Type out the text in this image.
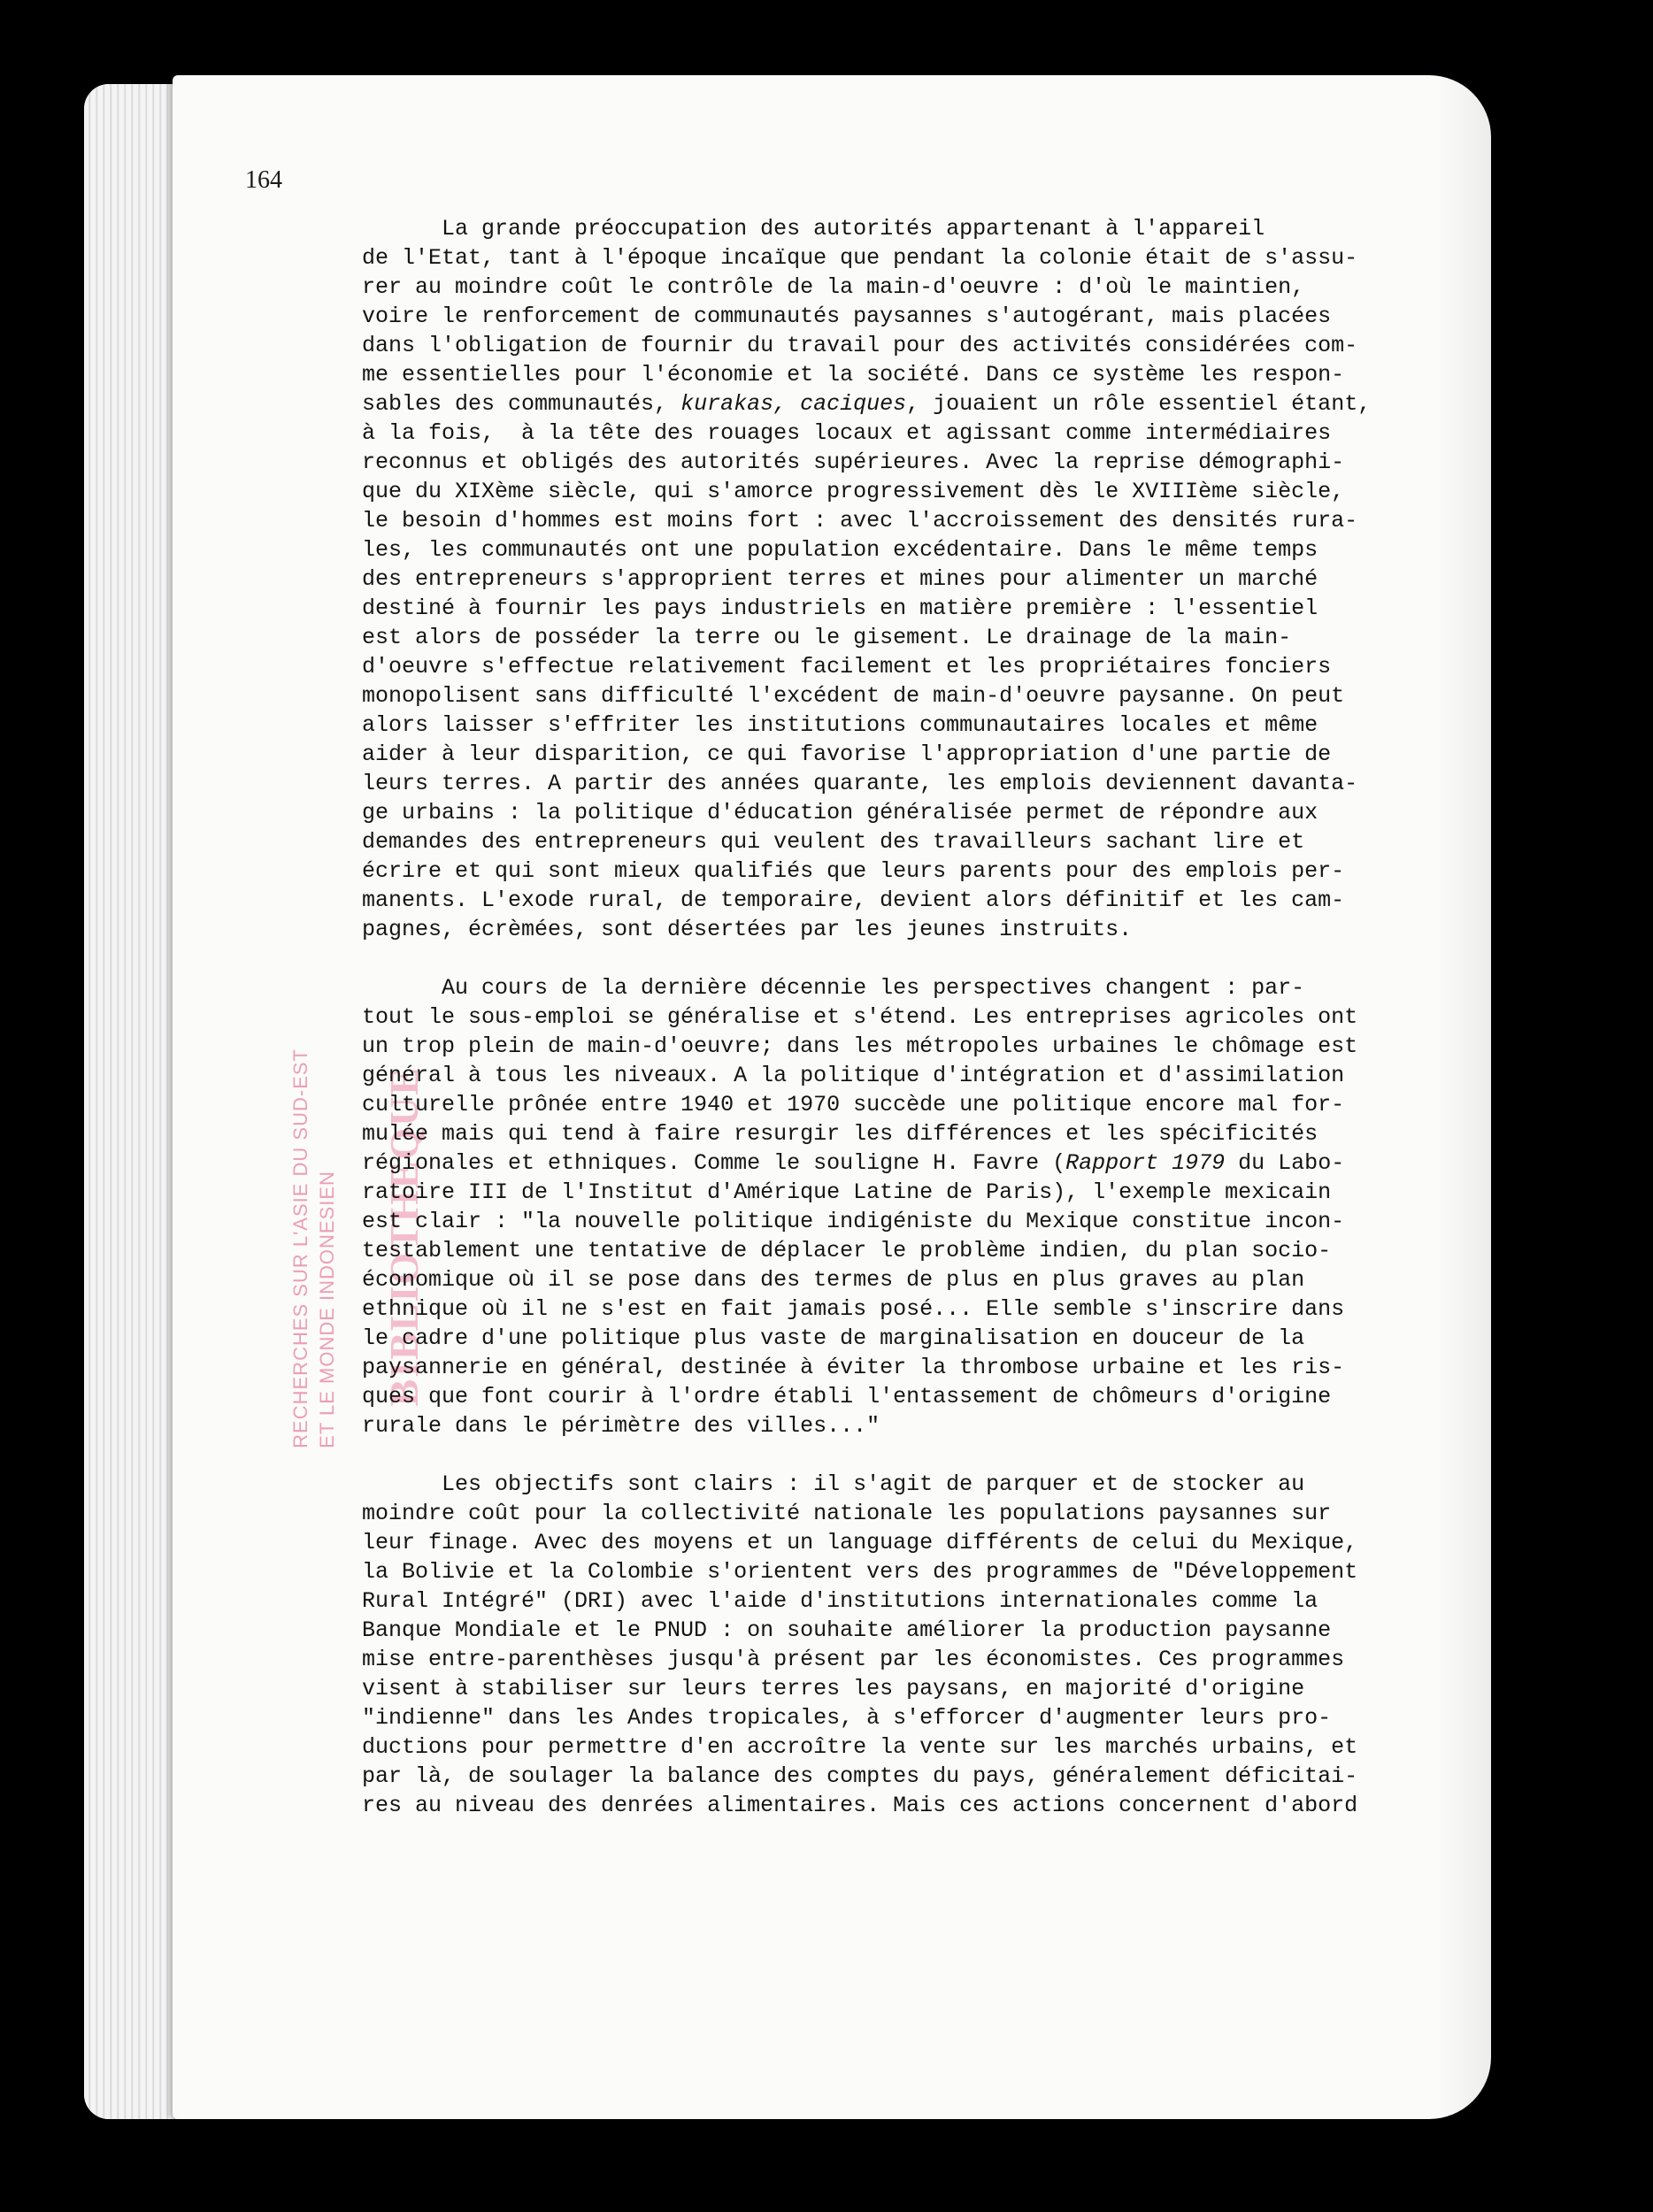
RECHERCHES SUR L'ASIE DU SUD-EST ET LE MONDE INDONESIEN BIBLIOTHEQUE
164
La grande préoccupation des autorités appartenant à l'appareil
de l'Etat, tant à l'époque incaïque que pendant la colonie était de s'assu-
rer au moindre coût le contrôle de la main-d'oeuvre : d'où le maintien,
voire le renforcement de communautés paysannes s'autogérant, mais placées
dans l'obligation de fournir du travail pour des activités considérées com-
me essentielles pour l'économie et la société. Dans ce système les respon-
sables des communautés, kurakas, caciques, jouaient un rôle essentiel étant,
à la fois,  à la tête des rouages locaux et agissant comme intermédiaires
reconnus et obligés des autorités supérieures. Avec la reprise démographi-
que du XIXème siècle, qui s'amorce progressivement dès le XVIIIème siècle,
le besoin d'hommes est moins fort : avec l'accroissement des densités rura-
les, les communautés ont une population excédentaire. Dans le même temps
des entrepreneurs s'approprient terres et mines pour alimenter un marché
destiné à fournir les pays industriels en matière première : l'essentiel
est alors de posséder la terre ou le gisement. Le drainage de la main-
d'oeuvre s'effectue relativement facilement et les propriétaires fonciers
monopolisent sans difficulté l'excédent de main-d'oeuvre paysanne. On peut
alors laisser s'effriter les institutions communautaires locales et même
aider à leur disparition, ce qui favorise l'appropriation d'une partie de
leurs terres. A partir des années quarante, les emplois deviennent davanta-
ge urbains : la politique d'éducation généralisée permet de répondre aux
demandes des entrepreneurs qui veulent des travailleurs sachant lire et
écrire et qui sont mieux qualifiés que leurs parents pour des emplois per-
manents. L'exode rural, de temporaire, devient alors définitif et les cam-
pagnes, écrèmées, sont désertées par les jeunes instruits.
Au cours de la dernière décennie les perspectives changent : par-
tout le sous-emploi se généralise et s'étend. Les entreprises agricoles ont
un trop plein de main-d'oeuvre; dans les métropoles urbaines le chômage est
général à tous les niveaux. A la politique d'intégration et d'assimilation
culturelle prônée entre 1940 et 1970 succède une politique encore mal for-
mulée mais qui tend à faire resurgir les différences et les spécificités
régionales et ethniques. Comme le souligne H. Favre (Rapport 1979 du Labo-
ratoire III de l'Institut d'Amérique Latine de Paris), l'exemple mexicain
est clair : "la nouvelle politique indigéniste du Mexique constitue incon-
testablement une tentative de déplacer le problème indien, du plan socio-
économique où il se pose dans des termes de plus en plus graves au plan
ethnique où il ne s'est en fait jamais posé... Elle semble s'inscrire dans
le cadre d'une politique plus vaste de marginalisation en douceur de la
paysannerie en général, destinée à éviter la thrombose urbaine et les ris-
ques que font courir à l'ordre établi l'entassement de chômeurs d'origine
rurale dans le périmètre des villes..."
Les objectifs sont clairs : il s'agit de parquer et de stocker au
moindre coût pour la collectivité nationale les populations paysannes sur
leur finage. Avec des moyens et un language différents de celui du Mexique,
la Bolivie et la Colombie s'orientent vers des programmes de "Développement
Rural Intégré" (DRI) avec l'aide d'institutions internationales comme la
Banque Mondiale et le PNUD : on souhaite améliorer la production paysanne
mise entre-parenthèses jusqu'à présent par les économistes. Ces programmes
visent à stabiliser sur leurs terres les paysans, en majorité d'origine
"indienne" dans les Andes tropicales, à s'efforcer d'augmenter leurs pro-
ductions pour permettre d'en accroître la vente sur les marchés urbains, et
par là, de soulager la balance des comptes du pays, généralement déficitai-
res au niveau des denrées alimentaires. Mais ces actions concernent d'abord
